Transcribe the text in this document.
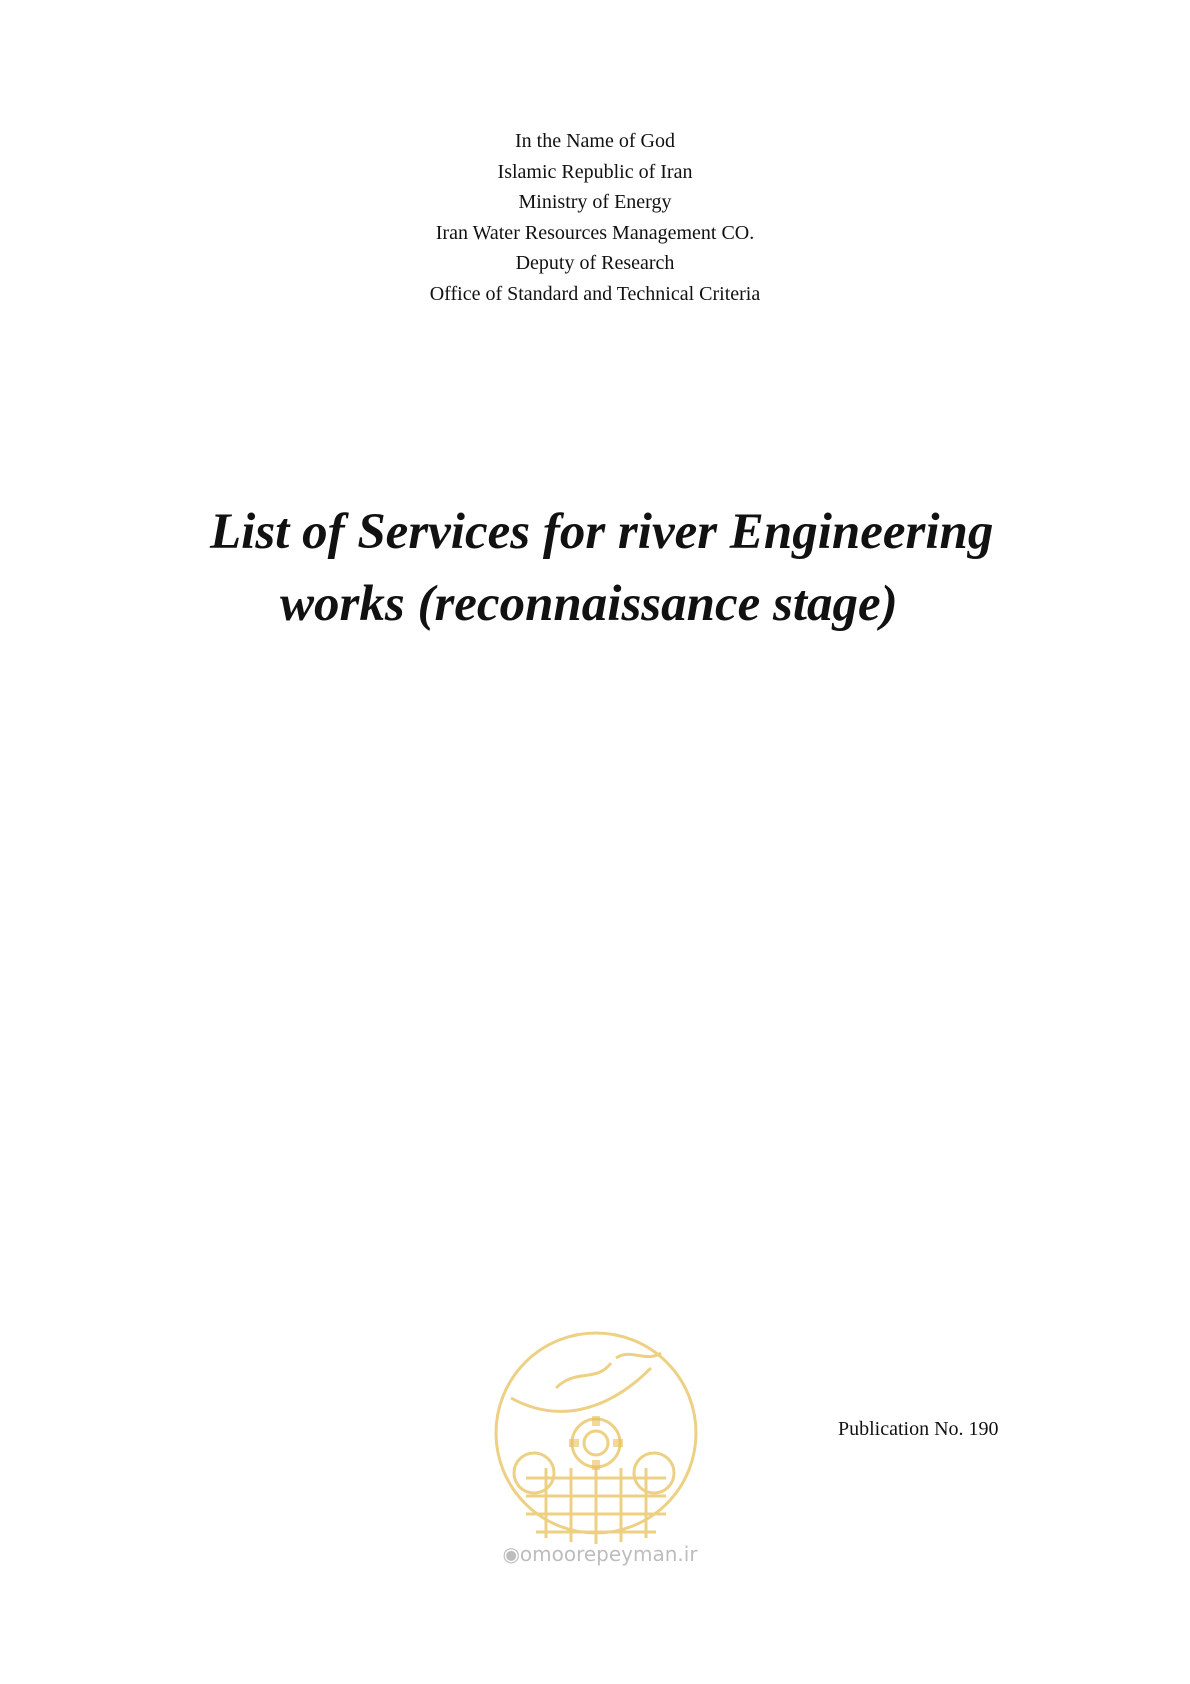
In the Name of God
Islamic Republic of Iran
Ministry of Energy
Iran Water Resources Management CO.
Deputy of Research
Office of Standard and Technical Criteria
List of Services for river Engineering
works (reconnaissance stage)
◉omoorepeyman.ir
Publication No. 190
